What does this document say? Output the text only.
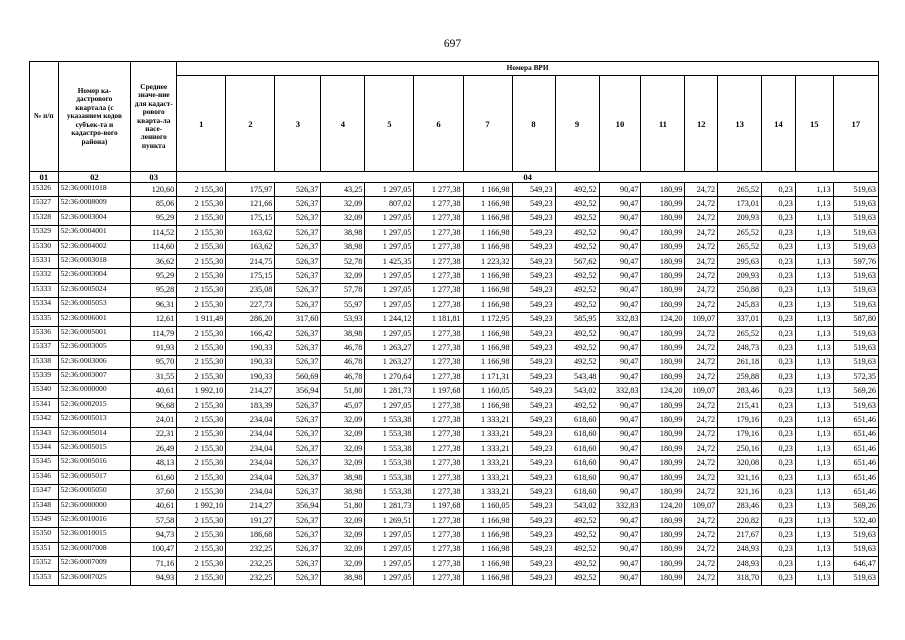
697
№ п/п	Номер ка-дастрового квартала (с указанием кодов субъек-та и кадастро-вого района)	Среднее значе-ние для кадаст-рового кварта-ла насе-ленного пункта	Номера ВРИ															
			1	2	3	4	5	6	7	8	9	10	11	12	13	14	15	17
01	02	03	04															
15326	52:36:0001018	120,60	2 155,30	175,97	526,37	43,25	1 297,05	1 277,38	1 166,98	549,23	492,52	90,47	180,99	24,72	265,52	0,23	1,13	519,63
15327	52:36:0008009	85,06	2 155,30	121,66	526,37	32,09	807,02	1 277,38	1 166,98	549,23	492,52	90,47	180,99	24,72	173,01	0,23	1,13	519,63
15328	52:36:0003004	95,29	2 155,30	175,15	526,37	32,09	1 297,05	1 277,38	1 166,98	549,23	492,52	90,47	180,99	24,72	209,93	0,23	1,13	519,63
15329	52:36:0004001	114,52	2 155,30	163,62	526,37	38,98	1 297,05	1 277,38	1 166,98	549,23	492,52	90,47	180,99	24,72	265,52	0,23	1,13	519,63
15330	52:36:0004002	114,60	2 155,30	163,62	526,37	38,98	1 297,05	1 277,38	1 166,98	549,23	492,52	90,47	180,99	24,72	265,52	0,23	1,13	519,63
15331	52:36:0003018	36,62	2 155,30	214,75	526,37	52,78	1 425,35	1 277,38	1 223,32	549,23	567,62	90,47	180,99	24,72	295,63	0,23	1,13	597,76
15332	52:36:0003004	95,29	2 155,30	175,15	526,37	32,09	1 297,05	1 277,38	1 166,98	549,23	492,52	90,47	180,99	24,72	209,93	0,23	1,13	519,63
15333	52:36:0005024	95,28	2 155,30	235,08	526,37	57,78	1 297,05	1 277,38	1 166,98	549,23	492,52	90,47	180,99	24,72	250,88	0,23	1,13	519,63
15334	52:36:0005053	96,31	2 155,30	227,73	526,37	55,97	1 297,05	1 277,38	1 166,98	549,23	492,52	90,47	180,99	24,72	245,83	0,23	1,13	519,63
15335	52:36:0006001	12,61	1 911,49	286,20	317,60	53,93	1 244,12	1 181,81	1 172,95	549,23	585,95	332,83	124,20	109,07	337,01	0,23	1,13	587,80
15336	52:36:0005001	114,79	2 155,30	166,42	526,37	38,98	1 297,05	1 277,38	1 166,98	549,23	492,52	90,47	180,99	24,72	265,52	0,23	1,13	519,63
15337	52:36:0003005	91,93	2 155,30	190,33	526,37	46,78	1 263,27	1 277,38	1 166,98	549,23	492,52	90,47	180,99	24,72	248,73	0,23	1,13	519,63
15338	52:36:0003006	95,70	2 155,30	190,33	526,37	46,78	1 263,27	1 277,38	1 166,98	549,23	492,52	90,47	180,99	24,72	261,18	0,23	1,13	519,63
15339	52:36:0003007	31,55	2 155,30	190,33	560,69	46,78	1 270,64	1 277,38	1 171,31	549,23	543,48	90,47	180,99	24,72	259,88	0,23	1,13	572,35
15340	52:36:0000000	40,61	1 992,10	214,27	356,94	51,80	1 281,73	1 197,68	1 160,05	549,23	543,02	332,83	124,20	109,07	283,46	0,23	1,13	569,26
15341	52:36:0002015	96,68	2 155,30	183,39	526,37	45,07	1 297,05	1 277,38	1 166,98	549,23	492,52	90,47	180,99	24,72	215,41	0,23	1,13	519,63
15342	52:36:0005013	24,01	2 155,30	234,04	526,37	32,09	1 553,38	1 277,38	1 333,21	549,23	618,60	90,47	180,99	24,72	179,16	0,23	1,13	651,46
15343	52:36:0005014	22,31	2 155,30	234,04	526,37	32,09	1 553,38	1 277,38	1 333,21	549,23	618,60	90,47	180,99	24,72	179,16	0,23	1,13	651,46
15344	52:36:0005015	26,49	2 155,30	234,04	526,37	32,09	1 553,38	1 277,38	1 333,21	549,23	618,60	90,47	180,99	24,72	250,16	0,23	1,13	651,46
15345	52:36:0005016	48,13	2 155,30	234,04	526,37	32,09	1 553,38	1 277,38	1 333,21	549,23	618,60	90,47	180,99	24,72	320,08	0,23	1,13	651,46
15346	52:36:0005017	61,60	2 155,30	234,04	526,37	38,98	1 553,38	1 277,38	1 333,21	549,23	618,60	90,47	180,99	24,72	321,16	0,23	1,13	651,46
15347	52:36:0005050	37,60	2 155,30	234,04	526,37	38,98	1 553,38	1 277,38	1 333,21	549,23	618,60	90,47	180,99	24,72	321,16	0,23	1,13	651,46
15348	52:36:0000000	40,61	1 992,10	214,27	356,94	51,80	1 281,73	1 197,68	1 160,05	549,23	543,02	332,83	124,20	109,07	283,46	0,23	1,13	569,26
15349	52:36:0010016	57,58	2 155,30	191,27	526,37	32,09	1 269,51	1 277,38	1 166,98	549,23	492,52	90,47	180,99	24,72	220,82	0,23	1,13	532,40
15350	52:36:0010015	94,73	2 155,30	186,68	526,37	32,09	1 297,05	1 277,38	1 166,98	549,23	492,52	90,47	180,99	24,72	217,67	0,23	1,13	519,63
15351	52:36:0007008	100,47	2 155,30	232,25	526,37	32,09	1 297,05	1 277,38	1 166,98	549,23	492,52	90,47	180,99	24,72	248,93	0,23	1,13	519,63
15352	52:36:0007009	71,16	2 155,30	232,25	526,37	32,09	1 297,05	1 277,38	1 166,98	549,23	492,52	90,47	180,99	24,72	248,93	0,23	1,13	646,47
15353	52:36:0007025	94,93	2 155,30	232,25	526,37	38,98	1 297,05	1 277,38	1 166,98	549,23	492,52	90,47	180,99	24,72	318,70	0,23	1,13	519,63
